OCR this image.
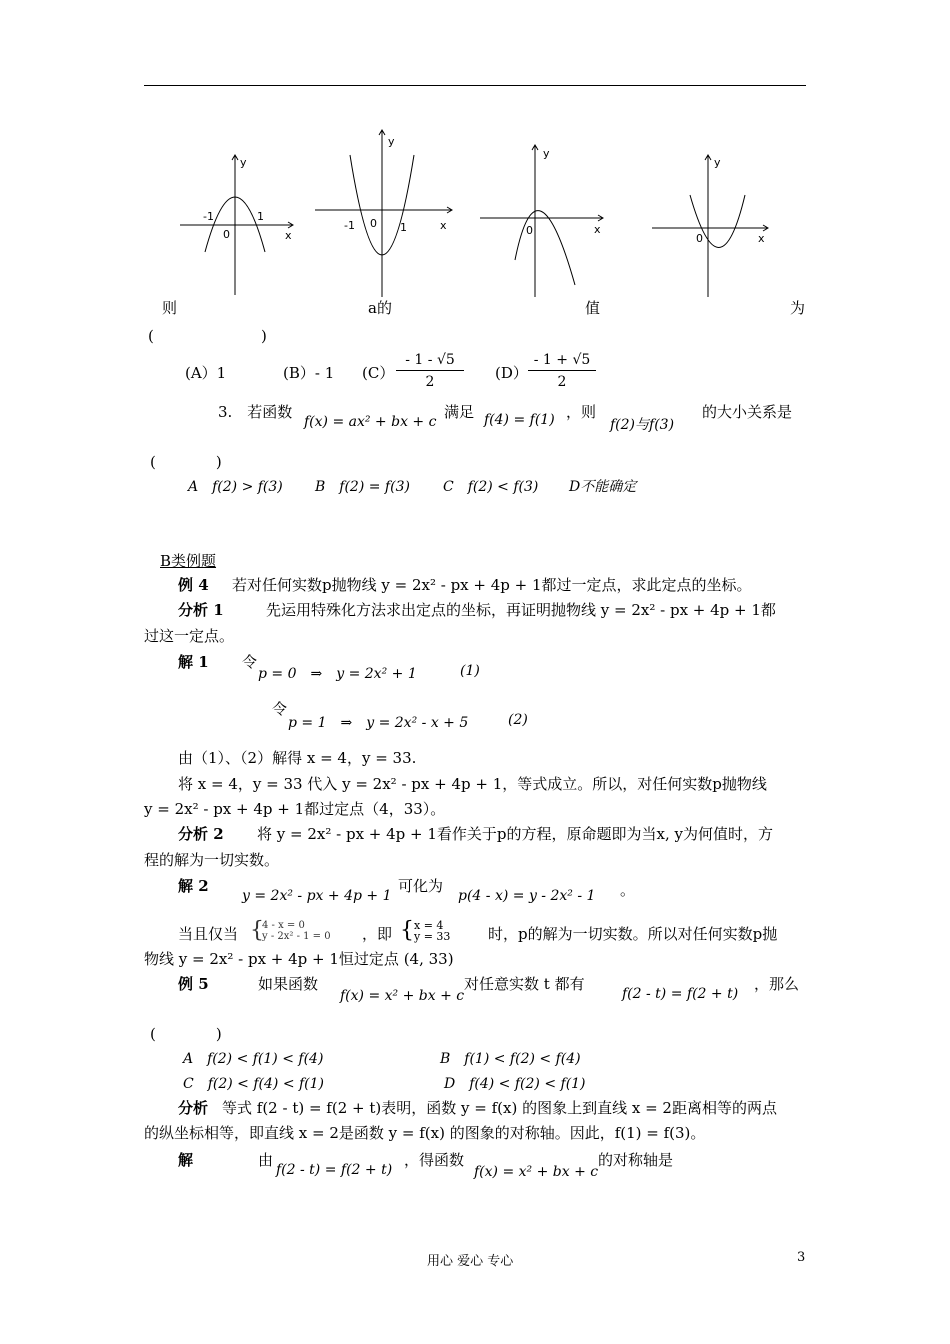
y
x
0
-1	1
y
x
0
-1	1
y
x
0
y
x
0
则	a的	值	为
(	)
(A）1	(B）- 1 $(C) \frac{- 1 - √5}{2} (D) \frac{- 1 + √5}{2}$
3.　若函数
f(x) = ax² + bx + c
满足 f(4) = f(1) ，则
f(2)与f(3)
的大小关系是
(　　　　)
A　f(2) > f(3) B　f(2) = f(3) C　f(2) < f(3) D不能确定
B类例题
例 4 若对任何实数p抛物线 y = 2x² - px + 4p + 1都过一定点，求此定点的坐标。
分析 1	先运用特殊化方法求出定点的坐标，再证明抛物线 y = 2x² - px + 4p + 1都
过这一定点。
解 1 令
p = 0　⇒　y = 2x² + 1	(1)
令
p = 1　⇒　y = 2x² - x + 5	(2)
由（1）、（2）解得 x = 4，y = 33.
将 x = 4，y = 33 代入 y = 2x² - px + 4p + 1，等式成立。所以，对任何实数p抛物线
y = 2x² - px + 4p + 1都过定点（4，33）。
分析 2 将 y = 2x² - px + 4p + 1看作关于p的方程，原命题即为当x, y为何值时，方
程的解为一切实数。
解 2
y = 2x² - px + 4p + 1
可化为
p(4 - x) = y - 2x² - 1 。
当且仅当 {
4 - x = 0
y - 2x² - 1 = 0 ，即 { x = 4
y = 33	时，p的解为一切实数。所以对任何实数p抛
物线 y = 2x² - px + 4p + 1恒过定点 (4, 33)
例 5	如果函数
f(x) = x² + bx + c
对任意实数 t 都有
f(2 - t) = f(2 + t)
，那么
(　　　　)
A　f(2) < f(1) < f(4)	B　f(1) < f(2) < f(4)
C　f(2) < f(4) < f(1)	D　f(4) < f(2) < f(1)
分析 等式 f(2 - t) = f(2 + t)表明，函数 y = f(x) 的图象上到直线 x = 2距离相等的两点
的纵坐标相等，即直线 x = 2是函数 y = f(x) 的图象的对称轴。因此，f(1) = f(3)。
解	由
f(2 - t) = f(2 + t)
，得函数
f(x) = x² + bx + c
的对称轴是
用心 爱心 专心	3
